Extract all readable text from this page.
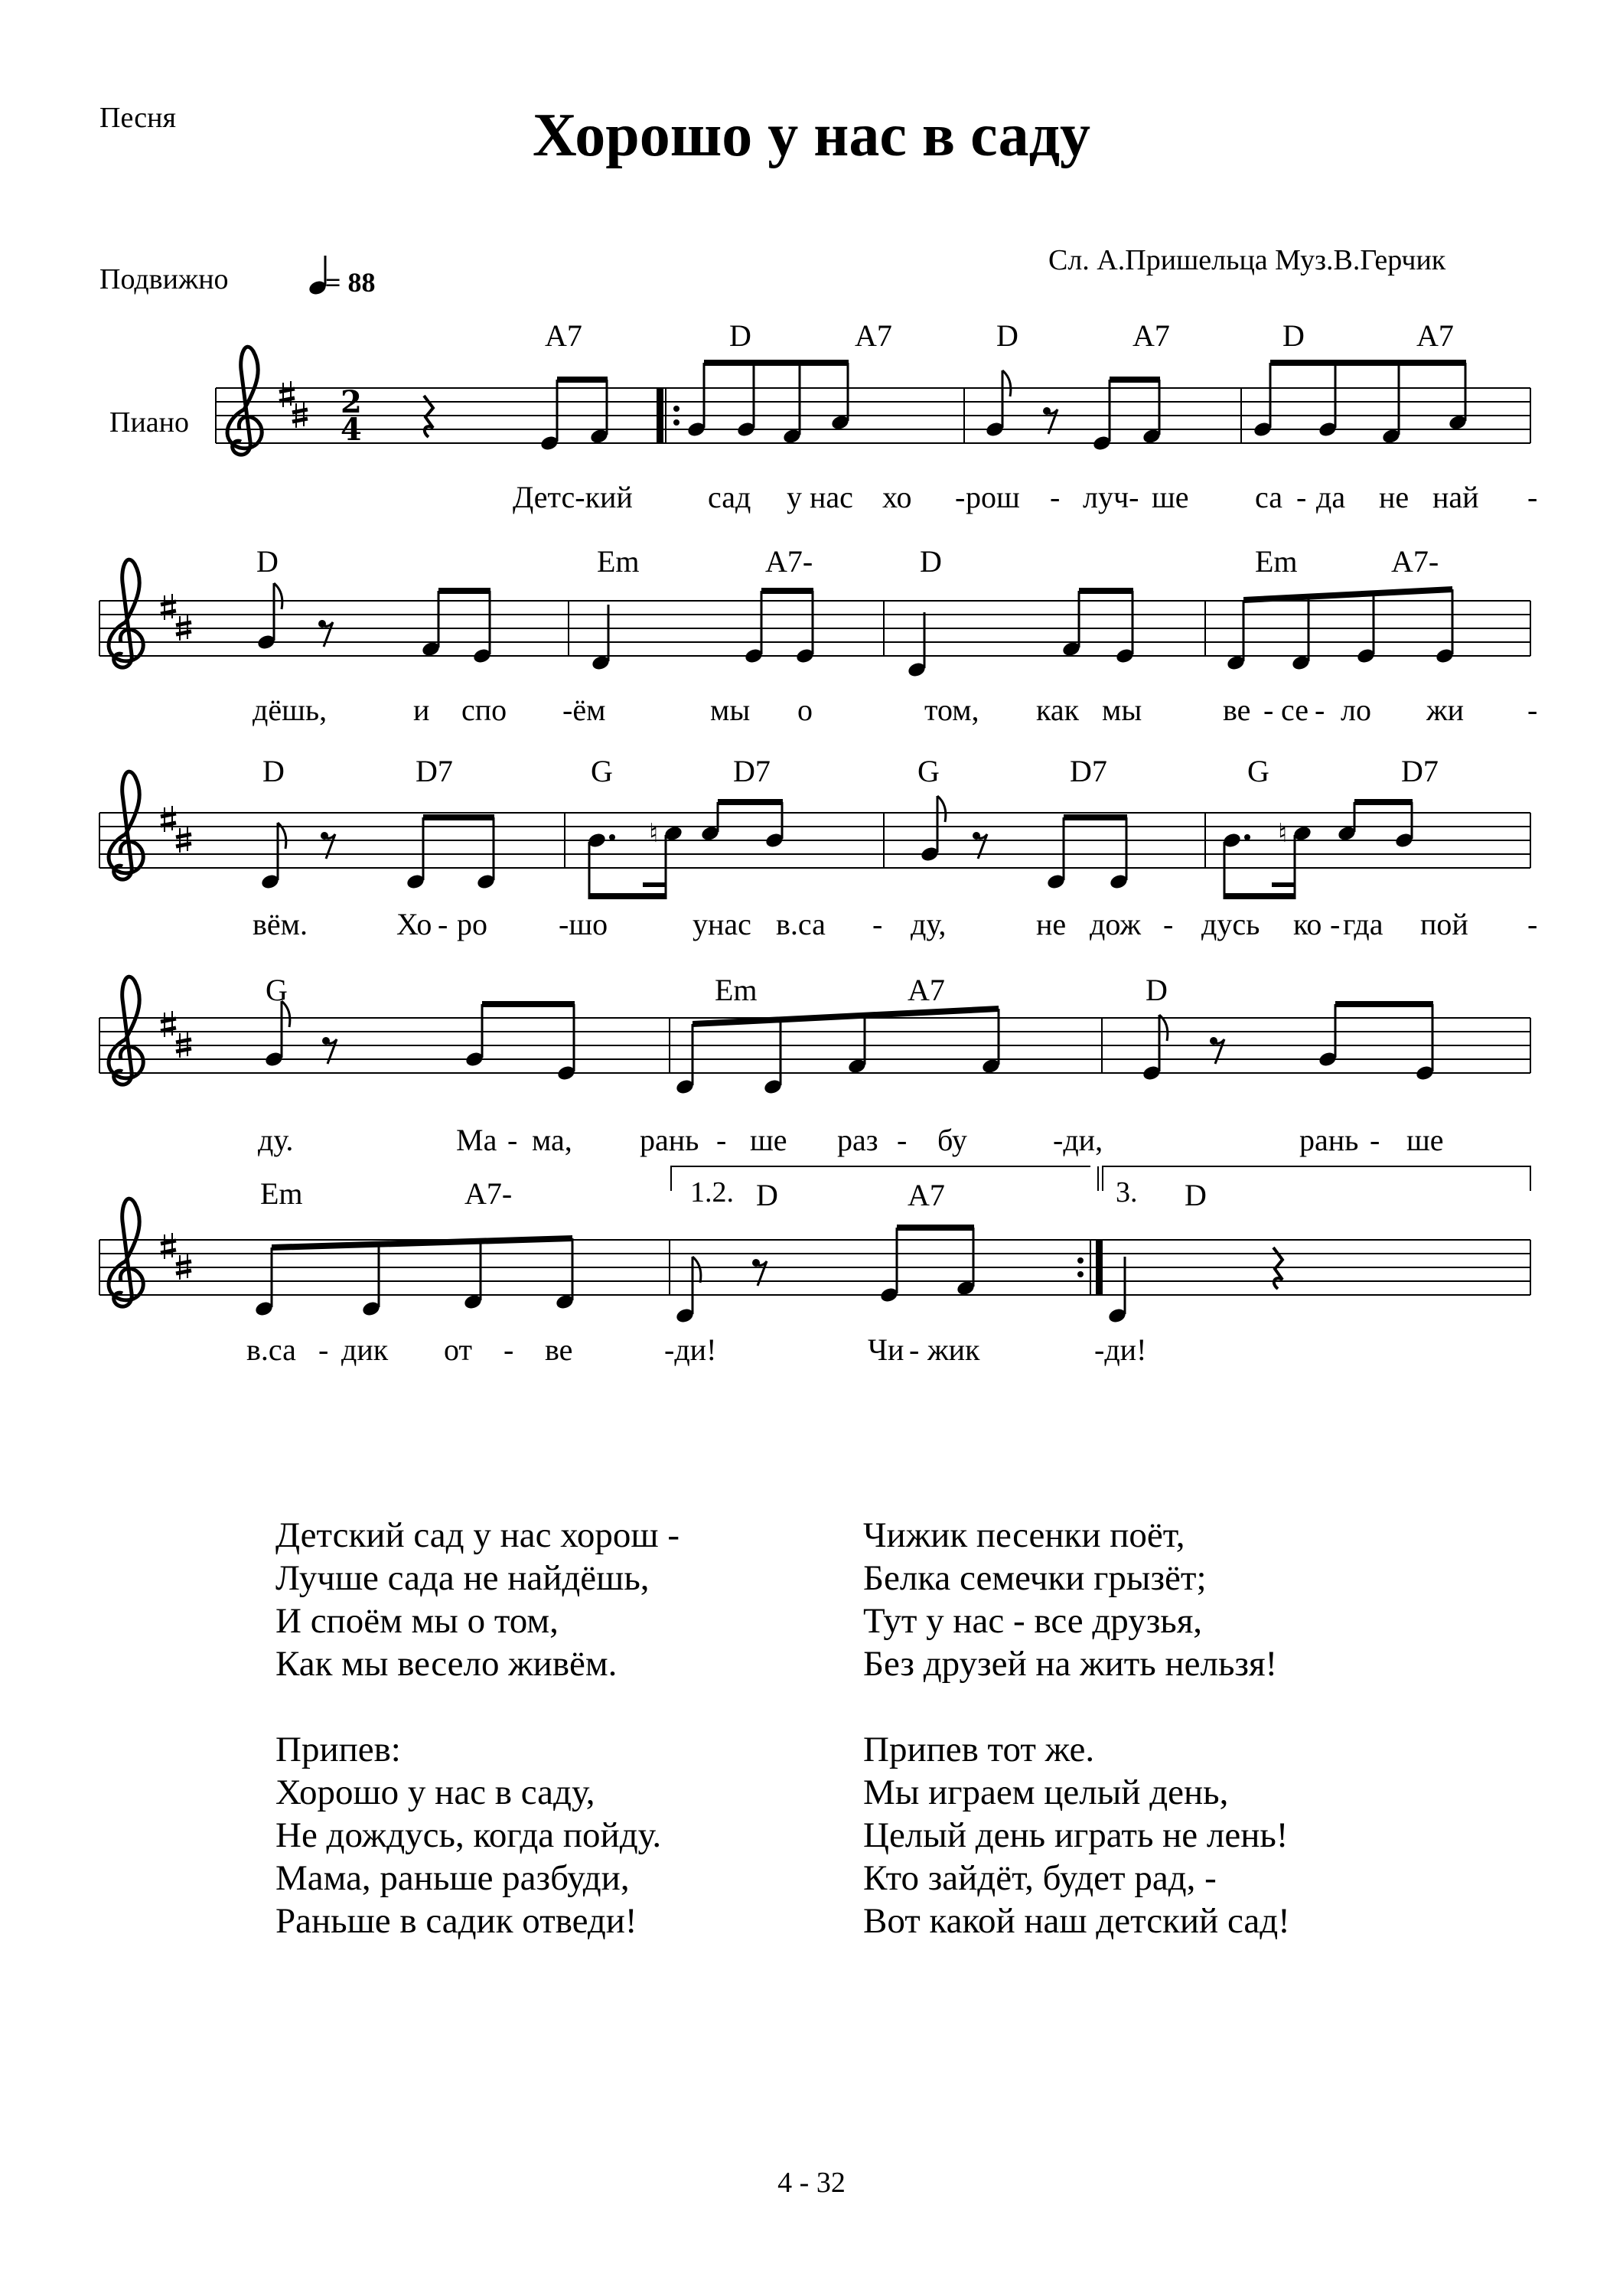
Песня	Хорошо у нас в саду
Подвижно	= 88
Сл. А.Пришельца Муз.В.Герчик
Пиано
A7	D	A7	D	A7	D	A7
D	Em	A7-	D	Em	A7-
D	D7	G	D7	G	D7	G	D7
G	Em	A7	D
Em	A7-	1.2. D	A7	3. D
Детс-кий сад у нас хо - рош - луч- ше са - да не най -
дёшь,	и спо -ём	мы о	том, как мы	ве - се - ло жи -
вём.	Хо - ро -шо	унас в.са - ду,	не дож - дусь ко - гда пой -
ду.	Ма - ма, рань - ше раз - бу	-ди,	рань - ше
в.са - дик от - ве	-ди!	Чи - жик	-ди!
2
4
♮	♮
Детский сад у нас хорош -
Лучше сада не найдёшь,
И споём мы о том,
Как мы весело живём.
Припев:
Хорошо у нас в саду,
Не дождусь, когда пойду.
Мама, раньше разбуди,
Раньше в садик отведи!
Чижик песенки поёт,
Белка семечки грызёт;
Тут у нас - все друзья,
Без друзей на жить нельзя!
Припев тот же.
Мы играем целый день,
Целый день играть не лень!
Кто зайдёт, будет рад, -
Вот какой наш детский сад!
4 - 32
